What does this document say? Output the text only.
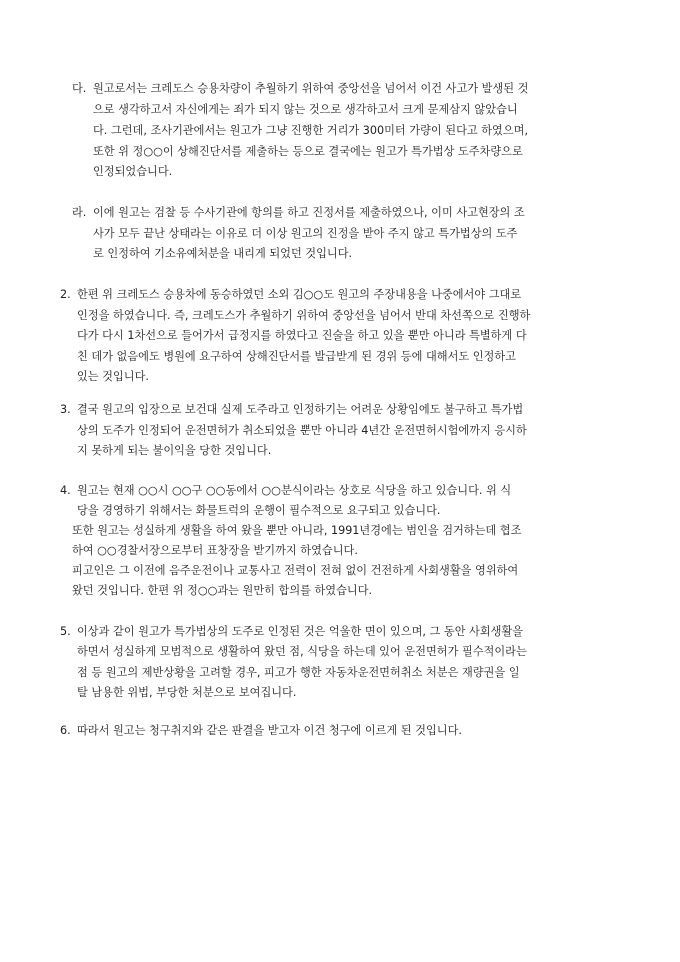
다. 원고로서는 크레도스 승용차량이 추월하기 위하여 중앙선을 넘어서 이건 사고가 발생된 것
으로 생각하고서 자신에게는 죄가 되지 않는 것으로 생각하고서 크게 문제삼지 않았습니
다. 그런데, 조사기관에서는 원고가 그냥 진행한 거리가 300미터 가량이 된다고 하였으며,
또한 위 정○○이 상해진단서를 제출하는 등으로 결국에는 원고가 특가법상 도주차량으로
인정되었습니다.
라. 이에 원고는 검찰 등 수사기관에 항의를 하고 진정서를 제출하였으나, 이미 사고현장의 조
사가 모두 끝난 상태라는 이유로 더 이상 원고의 진정을 받아 주지 않고 특가법상의 도주
로 인정하여 기소유예처분을 내리게 되었던 것입니다.
2. 한편 위 크레도스 승용차에 동승하였던 소외 김○○도 원고의 주장내용을 나중에서야 그대로
인정을 하였습니다. 즉, 크레도스가 추월하기 위하여 중앙선을 넘어서 반대 차선쪽으로 진행하
다가 다시 1차선으로 들어가서 급정지를 하였다고 진술을 하고 있을 뿐만 아니라 특별하게 다
친 데가 없음에도 병원에 요구하여 상해진단서를 발급받게 된 경위 등에 대해서도 인정하고
있는 것입니다.
3. 결국 원고의 입장으로 보건대 실제 도주라고 인정하기는 어려운 상황임에도 불구하고 특가법
상의 도주가 인정되어 운전면허가 취소되었을 뿐만 아니라 4년간 운전면허시험에까지 응시하
지 못하게 되는 불이익을 당한 것입니다.
4. 원고는 현재 ○○시 ○○구 ○○동에서 ○○분식이라는 상호로 식당을 하고 있습니다. 위 식
당을 경영하기 위해서는 화물트럭의 운행이 필수적으로 요구되고 있습니다.
또한 원고는 성실하게 생활을 하여 왔을 뿐만 아니라, 1991년경에는 범인을 검거하는데 협조
하여 ○○경찰서장으로부터 표창장을 받기까지 하였습니다.
피고인은 그 이전에 음주운전이나 교통사고 전력이 전혀 없이 건전하게 사회생활을 영위하여
왔던 것입니다. 한편 위 정○○과는 원만히 합의를 하였습니다.
5. 이상과 같이 원고가 특가법상의 도주로 인정된 것은 억울한 면이 있으며, 그 동안 사회생활을
하면서 성실하게 모범적으로 생활하여 왔던 점, 식당을 하는데 있어 운전면허가 필수적이라는
점 등 원고의 제반상황을 고려할 경우, 피고가 행한 자동차운전면허취소 처분은 재량권을 일
탈 남용한 위법, 부당한 처분으로 보여집니다.
6. 따라서 원고는 청구취지와 같은 판결을 받고자 이건 청구에 이르게 된 것입니다.
